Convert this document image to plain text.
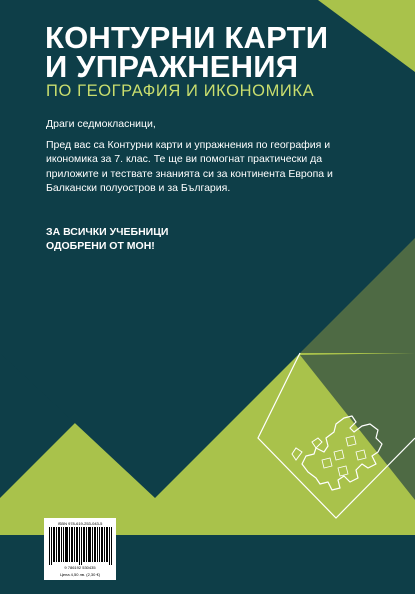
КОНТУРНИ КАРТИ
И УПРАЖНЕНИЯ
ПО ГЕОГРАФИЯ И ИКОНОМИКА
Драги седмокласници,

Пред вас са Контурни карти и упражнения по география и икономика за 7. клас. Те ще ви помогнат практически да приложите и тествате знанията си за континента Европа и Балкански полуостров и за България.

ЗА ВСИЧКИ УЧЕБНИЦИ
ОДОБРЕНИ ОТ МОН!
ISBN 978-619-253-043-5
9 786192 530435
Цена 4,50 лв. (2,30 €)
